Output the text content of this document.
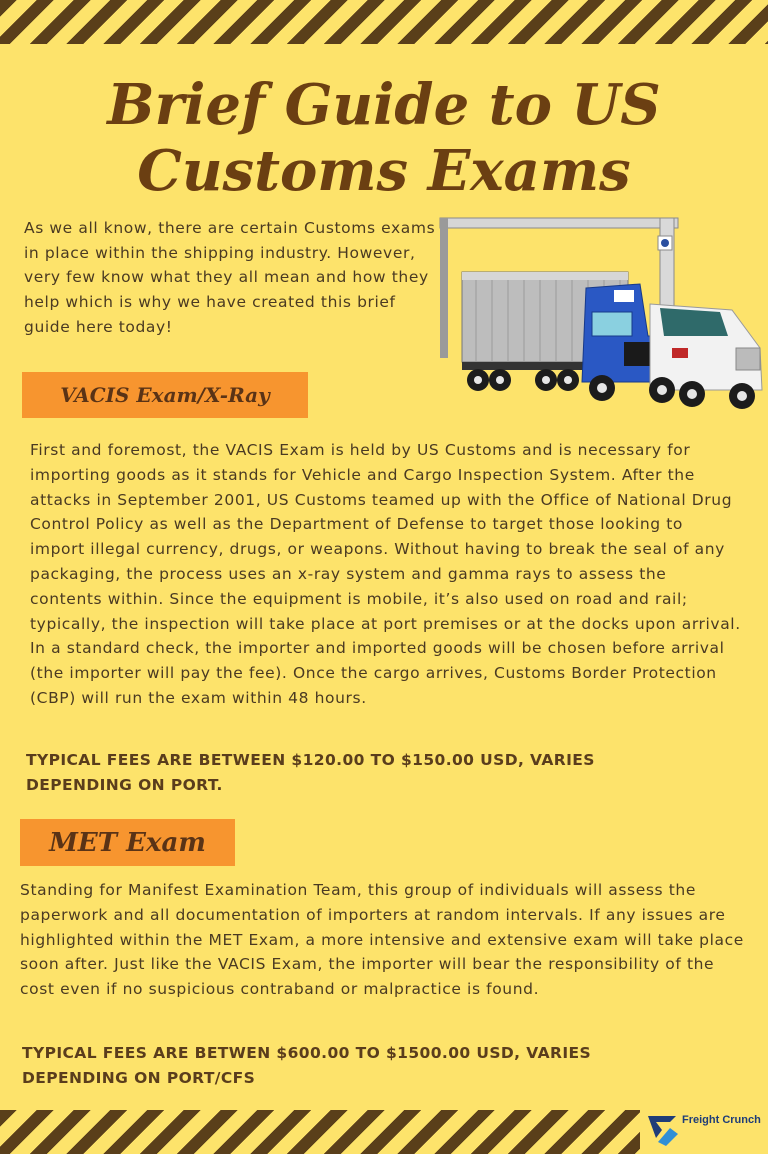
Brief Guide to US
Customs Exams

As we all know, there are certain Customs exams in place within the shipping industry. However, very few know what they all mean and how they help which is why we have created this brief guide here today!

VACIS Exam/X-Ray

First and foremost, the VACIS Exam is held by US Customs and is necessary for importing goods as it stands for Vehicle and Cargo Inspection System. After the attacks in September 2001, US Customs teamed up with the Office of National Drug Control Policy as well as the Department of Defense to target those looking to import illegal currency, drugs, or weapons. Without having to break the seal of any packaging, the process uses an x-ray system and gamma rays to assess the contents within. Since the equipment is mobile, it’s also used on road and rail; typically, the inspection will take place at port premises or at the docks upon arrival. In a standard check, the importer and imported goods will be chosen before arrival (the importer will pay the fee). Once the cargo arrives, Customs Border Protection (CBP) will run the exam within 48 hours.

TYPICAL FEES ARE BETWEEN $120.00 TO $150.00 USD, VARIES DEPENDING ON PORT.

MET Exam

Standing for Manifest Examination Team, this group of individuals will assess the paperwork and all documentation of importers at random intervals. If any issues are highlighted within the MET Exam, a more intensive and extensive exam will take place soon after. Just like the VACIS Exam, the importer will bear the responsibility of the cost even if no suspicious contraband or malpractice is found.

TYPICAL FEES ARE BETWEN $600.00 TO $1500.00 USD, VARIES DEPENDING ON PORT/CFS

Freight Crunch
